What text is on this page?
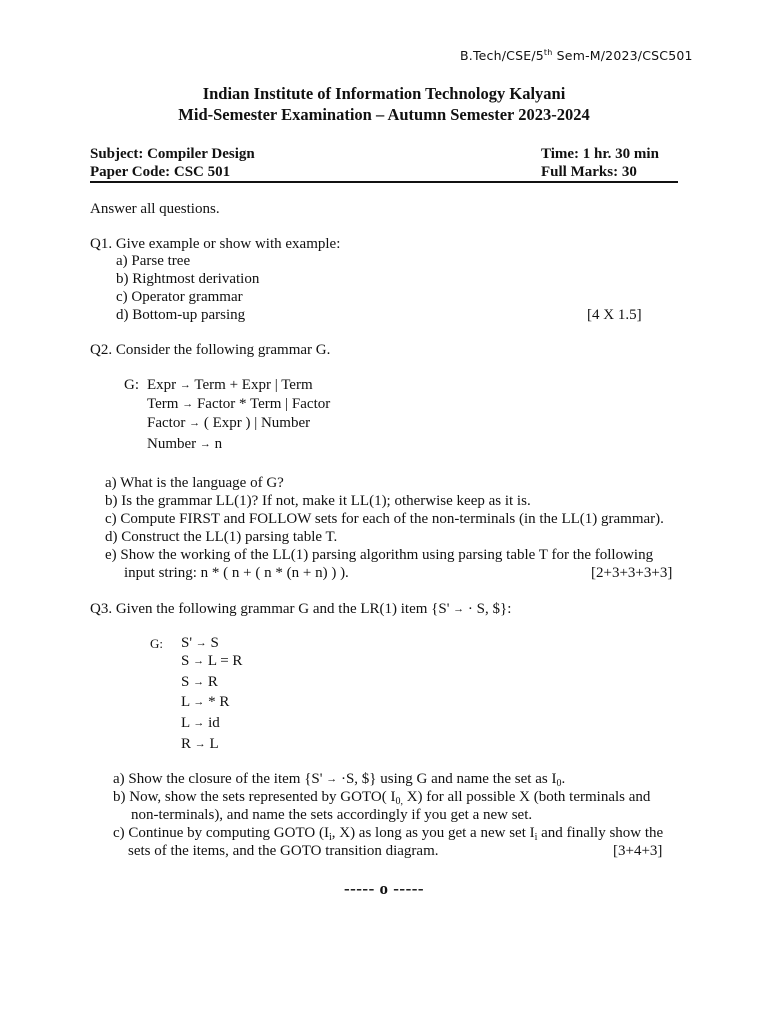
B.Tech/CSE/5th Sem-M/2023/CSC501
Indian Institute of Information Technology Kalyani
Mid-Semester Examination – Autumn Semester 2023-2024
Subject: Compiler Design
Paper Code: CSC 501
Time: 1 hr. 30 min
Full Marks: 30
Answer all questions.
Q1. Give example or show with example:
a) Parse tree
b) Rightmost derivation
c) Operator grammar
d) Bottom-up parsing	[4 X 1.5]
Q2. Consider the following grammar G.
G: Expr → Term + Expr | Term
Term → Factor * Term | Factor
Factor → ( Expr ) | Number
Number → n
a) What is the language of G?
b) Is the grammar LL(1)? If not, make it LL(1); otherwise keep as it is.
c) Compute FIRST and FOLLOW sets for each of the non-terminals (in the LL(1) grammar).
d) Construct the LL(1) parsing table T.
e) Show the working of the LL(1) parsing algorithm using parsing table T for the following
input string: n * ( n + ( n * (n + n) ) ).	[2+3+3+3+3]
Q3. Given the following grammar G and the LR(1) item {S' → · S, $}:
G: S' → S
S → L = R
S → R
L → * R
L → id
R → L
a) Show the closure of the item {S' → ·S, $} using G and name the set as $I_0$.
b) Now, show the sets represented by GOTO( $I_{0,}$ X) for all possible X (both terminals and
non-terminals), and name the sets accordingly if you get a new set.
c) Continue by computing GOTO ($I_i$, X) as long as you get a new set $I_i$ and finally show the
sets of the items, and the GOTO transition diagram.	[3+4+3]
----- o -----
